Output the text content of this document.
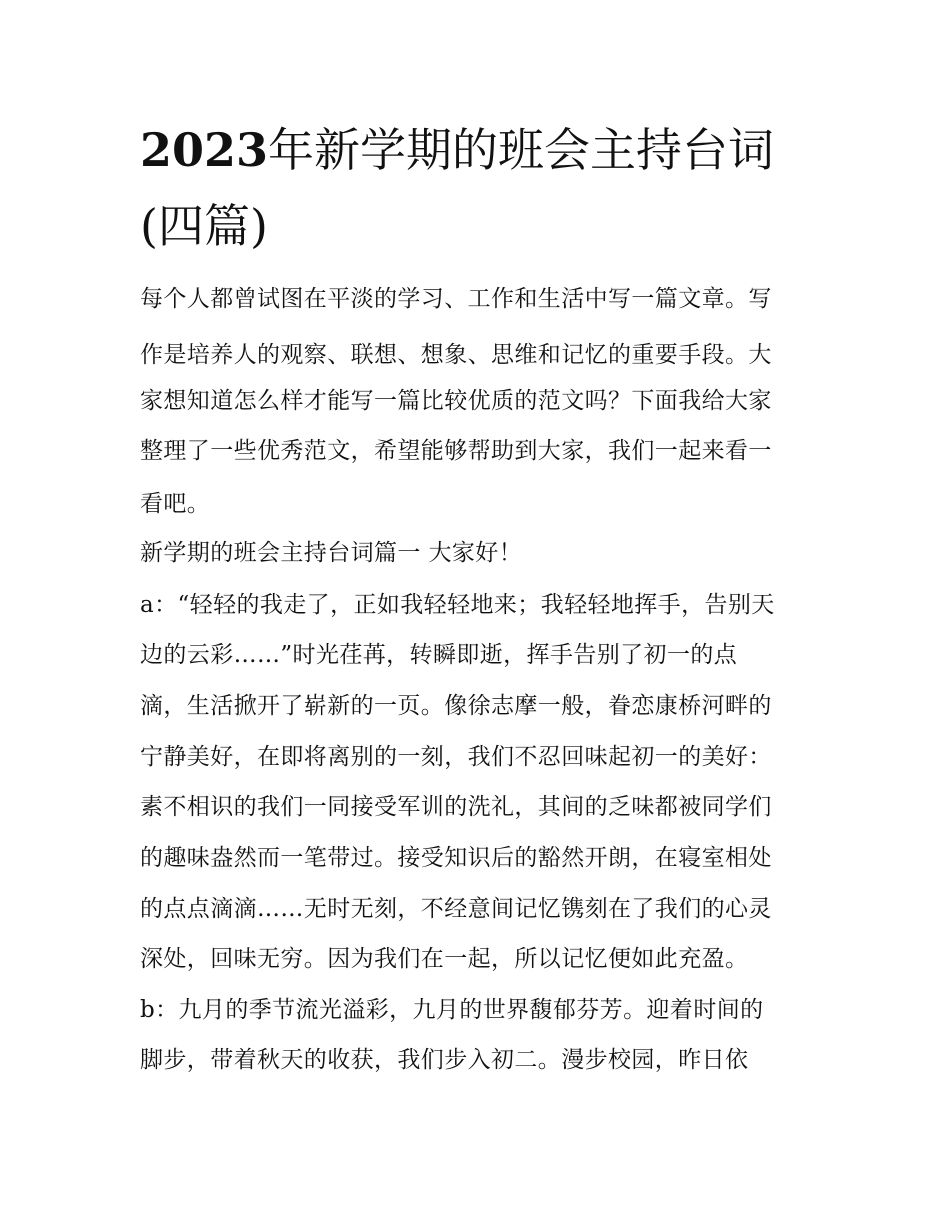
2023年新学期的班会主持台词
(四篇)

每个人都曾试图在平淡的学习、工作和生活中写一篇文章。写

作是培养人的观察、联想、想象、思维和记忆的重要手段。大

家想知道怎么样才能写一篇比较优质的范文吗？下面我给大家

整理了一些优秀范文，希望能够帮助到大家，我们一起来看一

看吧。

新学期的班会主持台词篇一 大家好！

a：“轻轻的我走了，正如我轻轻地来；我轻轻地挥手，告别天

边的云彩……”时光荏苒，转瞬即逝，挥手告别了初一的点

滴，生活掀开了崭新的一页。像徐志摩一般，眷恋康桥河畔的

宁静美好，在即将离别的一刻，我们不忍回味起初一的美好：

素不相识的我们一同接受军训的洗礼，其间的乏味都被同学们

的趣味盎然而一笔带过。接受知识后的豁然开朗，在寝室相处

的点点滴滴……无时无刻，不经意间记忆镌刻在了我们的心灵

深处，回味无穷。因为我们在一起，所以记忆便如此充盈。

b：九月的季节流光溢彩，九月的世界馥郁芬芳。迎着时间的

脚步，带着秋天的收获，我们步入初二。漫步校园，昨日依
